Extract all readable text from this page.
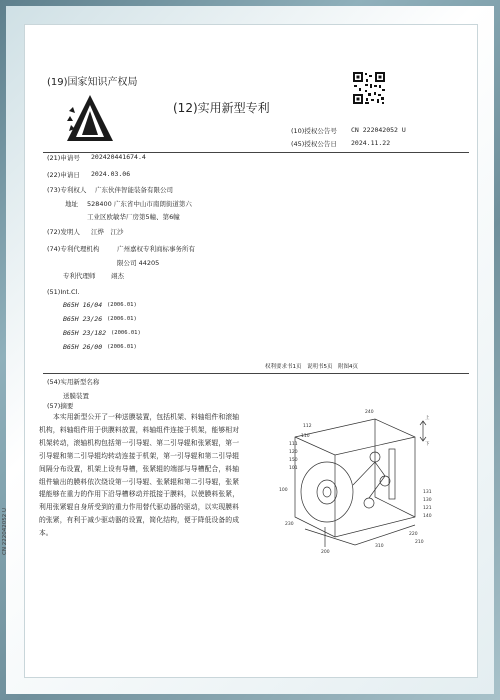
(19)国家知识产权局
(12)实用新型专利
(10)授权公告号 CN 222042052 U
(45)授权公告日 2024.11.22
(21)申请号 202420441674.4
(22)申请日 2024.03.06
(73)专利权人 广东伙伴智能装备有限公司
地址 528400 广东省中山市南朗街道第六
工业区欧敏华厂房第5幢、第6幢
(72)发明人 江烨　江沙
(74)专利代理机构	广州嘉权专利商标事务所有
限公司 44205
专利代理师 翊杰
(51)Int.Cl.
B65H 16/04 (2006.01)
B65H 23/26 (2006.01)
B65H 23/182 (2006.01)
B65H 26/00 (2006.01)
权利要求书1页　说明书5页　附图4页
(54)实用新型名称
送膜装置
(57)摘要
本实用新型公开了一种送膜装置，包括机架、料轴组件和滚轴机构，料轴组件用于供膜料放置，料轴组件连接于机架，能够相对机架转动，滚轴机构包括第一引导辊、第二引导辊和张紧辊，第一引导辊和第二引导辊均转动连接于机架，第一引导辊和第二引导辊间隔分布设置，机架上设有导槽，张紧辊的端部与导槽配合，料轴组件输出的膜料依次绕设第一引导辊、张紧辊和第二引导辊，张紧辊能够在重力的作用下沿导槽移动并抵接于膜料，以使膜料张紧，利用张紧辊自身所受到的重力作用替代驱动器的驱动，以实现膜料的张紧，有利于减少驱动器的设置，简化结构，便于降低设备的成本。
上
下
240
112
110
111
120
150
101
100	131
130
121
140
230
200
220
310
210
CN 222042052 U
